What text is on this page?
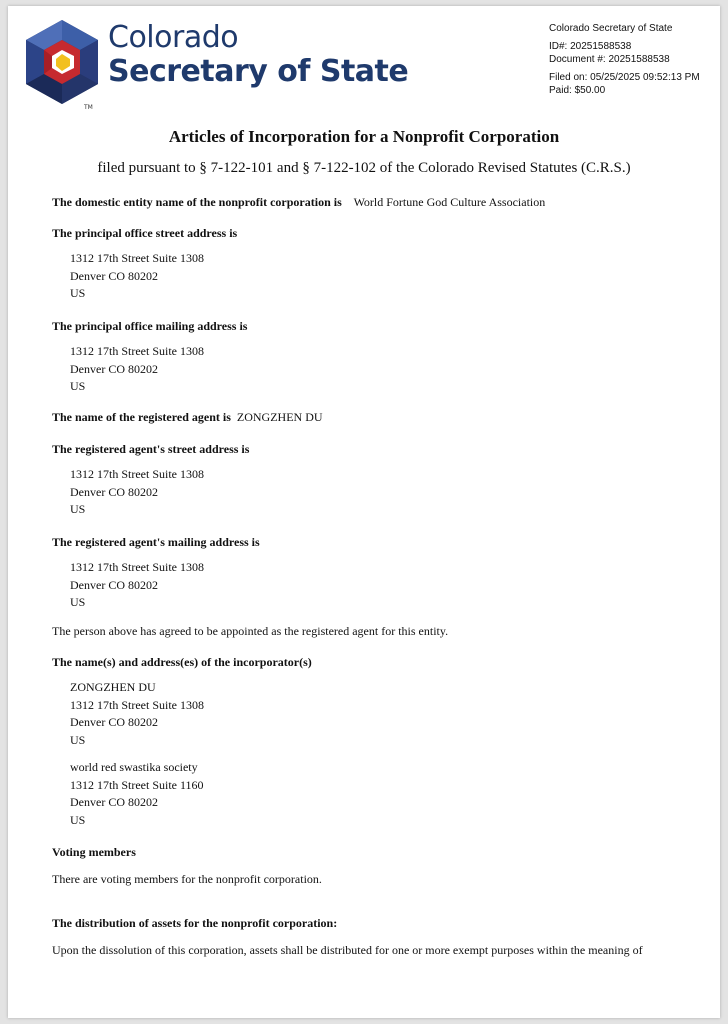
TM
Colorado
Secretary of State
Colorado Secretary of State
ID#: 20251588538
Document #: 20251588538
Filed on: 05/25/2025 09:52:13 PM
Paid: $50.00
Articles of Incorporation for a Nonprofit Corporation
filed pursuant to § 7-122-101 and § 7-122-102 of the Colorado Revised Statutes (C.R.S.)
The domestic entity name of the nonprofit corporation is World Fortune God Culture Association
The principal office street address is
1312 17th Street Suite 1308
Denver CO 80202
US
The principal office mailing address is
1312 17th Street Suite 1308
Denver CO 80202
US
The name of the registered agent is ZONGZHEN DU
The registered agent's street address is
1312 17th Street Suite 1308
Denver CO 80202
US
The registered agent's mailing address is
1312 17th Street Suite 1308
Denver CO 80202
US
The person above has agreed to be appointed as the registered agent for this entity.
The name(s) and address(es) of the incorporator(s)
ZONGZHEN DU
1312 17th Street Suite 1308
Denver CO 80202
US
world red swastika society
1312 17th Street Suite 1160
Denver CO 80202
US
Voting members
There are voting members for the nonprofit corporation.
The distribution of assets for the nonprofit corporation:
Upon the dissolution of this corporation, assets shall be distributed for one or more exempt purposes within the meaning of
